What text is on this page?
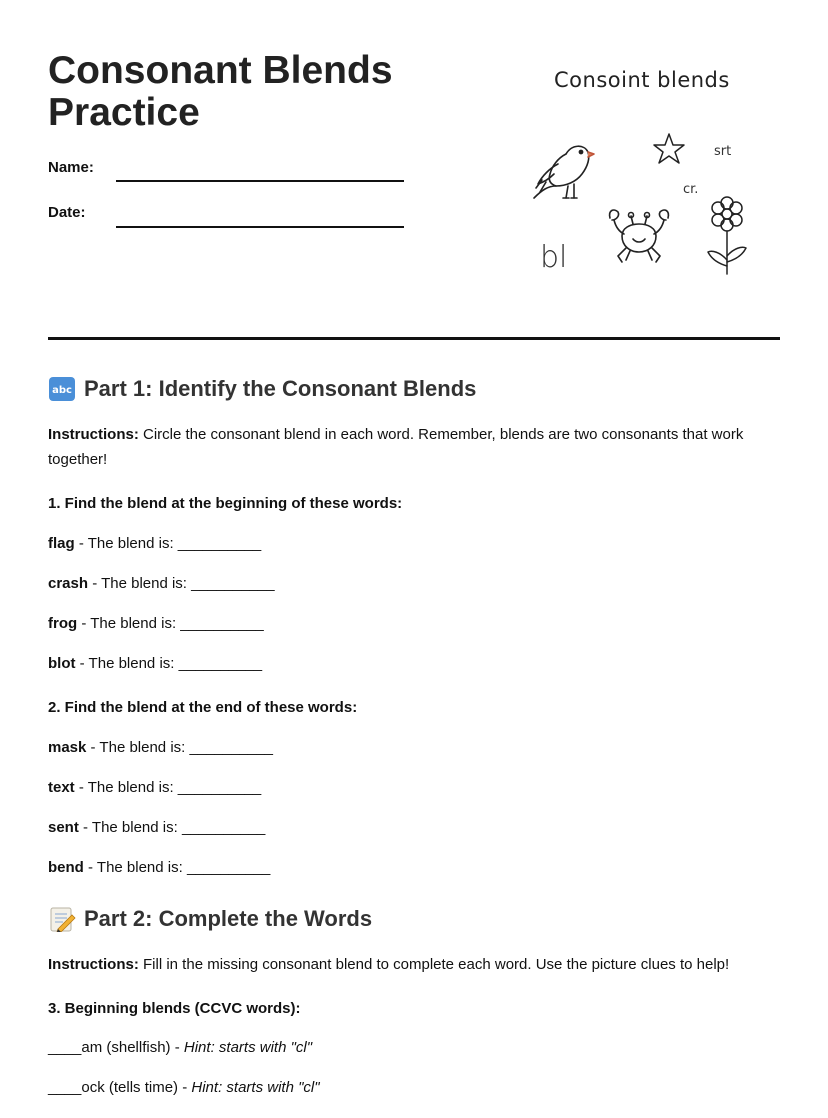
Consonant Blends
Practice
Name:
Date:
Consoint blends
srt
cr.
bl
abc Part 1: Identify the Consonant Blends
Instructions: Circle the consonant blend in each word. Remember, blends are two consonants that work together!
1. Find the blend at the beginning of these words:
flag - The blend is: __________
crash - The blend is: __________
frog - The blend is: __________
blot - The blend is: __________
2. Find the blend at the end of these words:
mask - The blend is: __________
text - The blend is: __________
sent - The blend is: __________
bend - The blend is: __________
Part 2: Complete the Words
Instructions: Fill in the missing consonant blend to complete each word. Use the picture clues to help!
3. Beginning blends (CCVC words):
____am (shellfish) - Hint: starts with "cl"
____ock (tells time) - Hint: starts with "cl"
